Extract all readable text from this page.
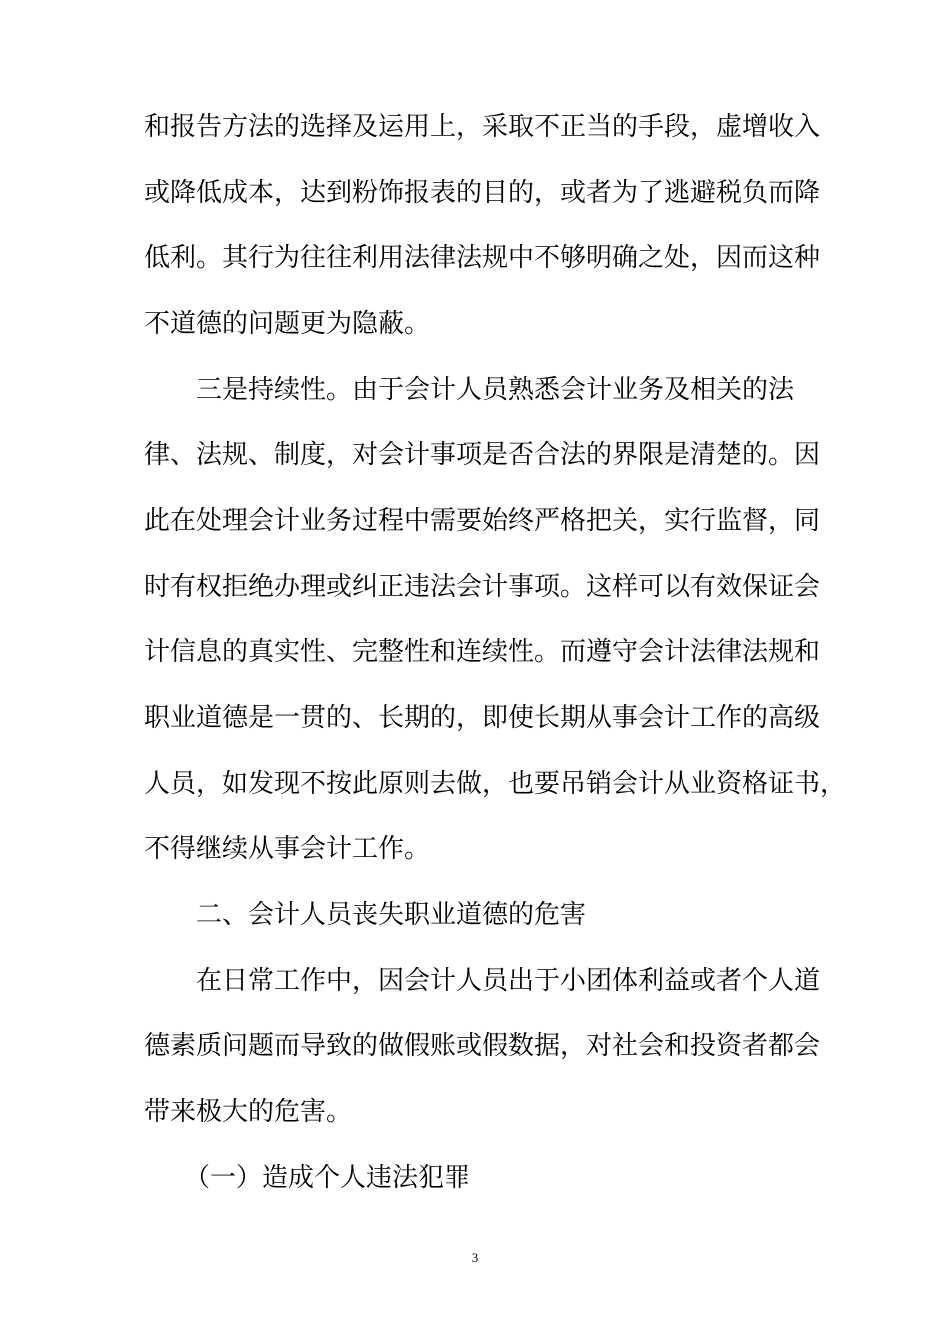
和报告方法的选择及运用上，采取不正当的手段，虚增收入
或降低成本，达到粉饰报表的目的，或者为了逃避税负而降
低利。其行为往往利用法律法规中不够明确之处，因而这种
不道德的问题更为隐蔽。
三是持续性。由于会计人员熟悉会计业务及相关的法
律、法规、制度，对会计事项是否合法的界限是清楚的。因
此在处理会计业务过程中需要始终严格把关，实行监督，同
时有权拒绝办理或纠正违法会计事项。这样可以有效保证会
计信息的真实性、完整性和连续性。而遵守会计法律法规和
职业道德是一贯的、长期的，即使长期从事会计工作的高级
人员，如发现不按此原则去做，也要吊销会计从业资格证书，
不得继续从事会计工作。
二、会计人员丧失职业道德的危害
在日常工作中，因会计人员出于小团体利益或者个人道
德素质问题而导致的做假账或假数据，对社会和投资者都会
带来极大的危害。
（一）造成个人违法犯罪
3
